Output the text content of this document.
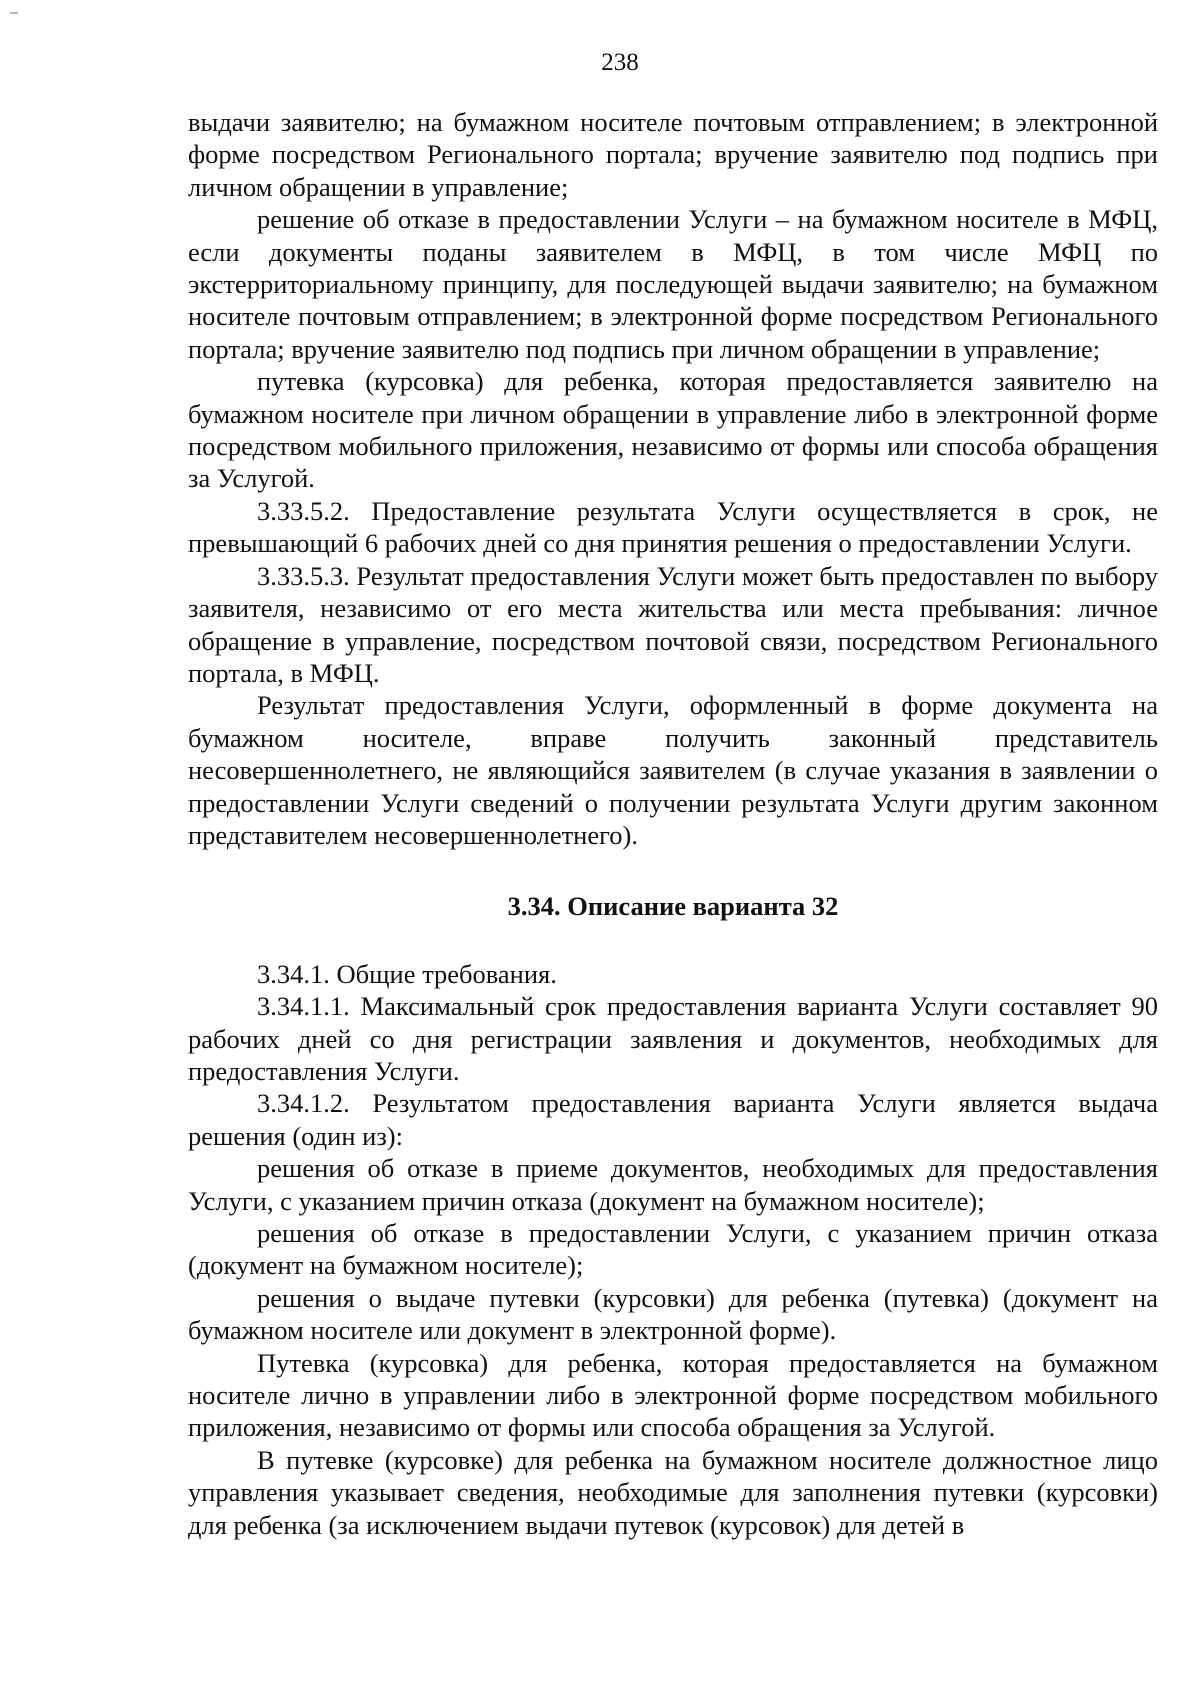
238

выдачи заявителю; на бумажном носителе почтовым отправлением; в электронной форме посредством Регионального портала; вручение заявителю под подпись при личном обращении в управление;

решение об отказе в предоставлении Услуги – на бумажном носителе в МФЦ, если документы поданы заявителем в МФЦ, в том числе МФЦ по экстерриториальному принципу, для последующей выдачи заявителю; на бумажном носителе почтовым отправлением; в электронной форме посредством Регионального портала; вручение заявителю под подпись при личном обращении в управление;

путевка (курсовка) для ребенка, которая предоставляется заявителю на бумажном носителе при личном обращении в управление либо в электронной форме посредством мобильного приложения, независимо от формы или способа обращения за Услугой.

3.33.5.2. Предоставление результата Услуги осуществляется в срок, не превышающий 6 рабочих дней со дня принятия решения о предоставлении Услуги.

3.33.5.3. Результат предоставления Услуги может быть предоставлен по выбору заявителя, независимо от его места жительства или места пребывания: личное обращение в управление, посредством почтовой связи, посредством Регионального портала, в МФЦ.

Результат предоставления Услуги, оформленный в форме документа на бумажном носителе, вправе получить законный представитель несовершеннолетнего, не являющийся заявителем (в случае указания в заявлении о предоставлении Услуги сведений о получении результата Услуги другим законном представителем несовершеннолетнего).

3.34. Описание варианта 32

3.34.1. Общие требования.

3.34.1.1. Максимальный срок предоставления варианта Услуги составляет 90 рабочих дней со дня регистрации заявления и документов, необходимых для предоставления Услуги.

3.34.1.2. Результатом предоставления варианта Услуги является выдача решения (один из):

решения об отказе в приеме документов, необходимых для предоставления Услуги, с указанием причин отказа (документ на бумажном носителе);

решения об отказе в предоставлении Услуги, с указанием причин отказа (документ на бумажном носителе);

решения о выдаче путевки (курсовки) для ребенка (путевка) (документ на бумажном носителе или документ в электронной форме).

Путевка (курсовка) для ребенка, которая предоставляется на бумажном носителе лично в управлении либо в электронной форме посредством мобильного приложения, независимо от формы или способа обращения за Услугой.

В путевке (курсовке) для ребенка на бумажном носителе должностное лицо управления указывает сведения, необходимые для заполнения путевки (курсовки) для ребенка (за исключением выдачи путевок (курсовок) для детей в
